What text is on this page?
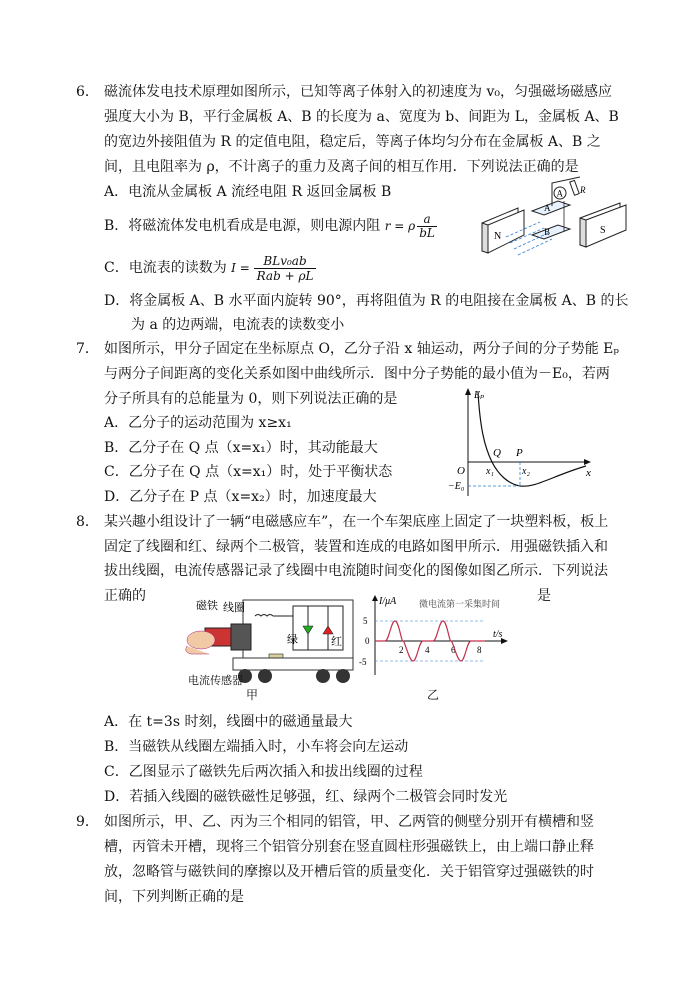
6． 磁流体发电技术原理如图所示，已知等离子体射入的初速度为 v₀，匀强磁场磁感应
强度大小为 B，平行金属板 A、B 的长度为 a、宽度为 b、间距为 L，金属板 A、B
的宽边外接阻值为 R 的定值电阻，稳定后，等离子体均匀分布在金属板 A、B 之
间，且电阻率为 ρ，不计离子的重力及离子间的相互作用．下列说法正确的是
A．电流从金属板 A 流经电阻 R 返回金属板 B
B．将磁流体发电机看成是电源，则电源内阻 r = ρ $\frac{a}{bL}$
C．电流表的读数为 I = BLv₀ab
Rab + ρL
D．将金属板 A、B 水平面内旋转 90°，再将阻值为 R 的电阻接在金属板 A、B 的长
为 a 的边两端，电流表的读数变小
N
S
A
B
A R
7． 如图所示，甲分子固定在坐标原点 O，乙分子沿 x 轴运动，两分子间的分子势能 Eₚ
与两分子间距离的变化关系如图中曲线所示．图中分子势能的最小值为－E₀，若两
分子所具有的总能量为 0，则下列说法正确的是
A．乙分子的运动范围为 x≥x₁
B．乙分子在 Q 点（x=x₁）时，其动能最大
C．乙分子在 Q 点（x=x₁）时，处于平衡状态
D．乙分子在 P 点（x=x₂）时，加速度最大
Eₚ
O	x
Q P
x₁	x₂
−E₀
8． 某兴趣小组设计了一辆“电磁感应车”，在一个车架底座上固定了一块塑料板，板上
固定了线圈和红、绿两个二极管，装置和连成的电路如图甲所示．用强磁铁插入和
拔出线圈，电流传感器记录了线圈中电流随时间变化的图像如图乙所示．下列说法
正确的	是
绿	红
磁铁 线圈
电流传感器
甲
I/μA	微电流第一采集时间
t/s
5
0
-5
2 4 6 8
乙
A．在 t=3s 时刻，线圈中的磁通量最大
B．当磁铁从线圈左端插入时，小车将会向左运动
C．乙图显示了磁铁先后两次插入和拔出线圈的过程
D．若插入线圈的磁铁磁性足够强，红、绿两个二极管会同时发光
9． 如图所示，甲、乙、丙为三个相同的铝管，甲、乙两管的侧壁分别开有横槽和竖
槽，丙管未开槽，现将三个铝管分别套在竖直圆柱形强磁铁上，由上端口静止释
放，忽略管与磁铁间的摩擦以及开槽后管的质量变化．关于铝管穿过强磁铁的时
间，下列判断正确的是
